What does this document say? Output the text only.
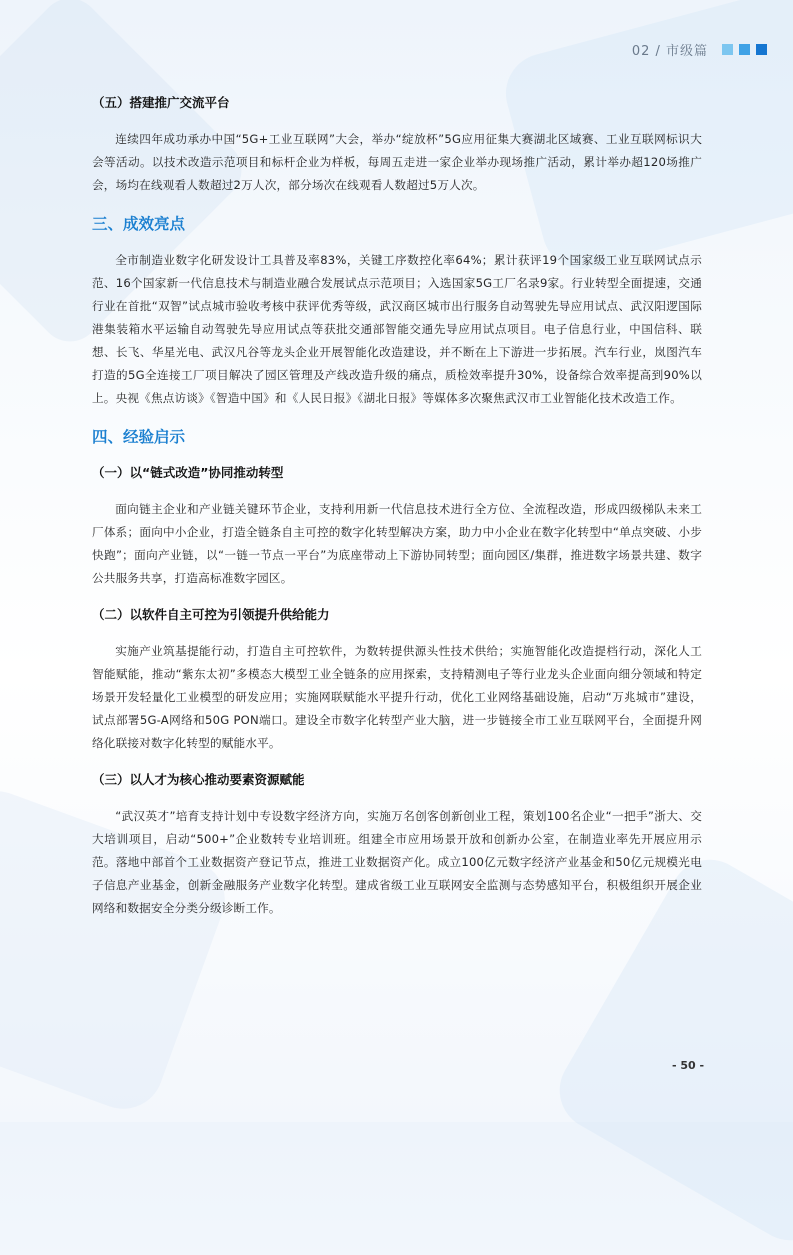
02 / 市级篇
（五）搭建推广交流平台

连续四年成功承办中国“5G+工业互联网”大会，举办“绽放杯”5G应用征集大赛湖北区域赛、工业互联网标识大会等活动。以技术改造示范项目和标杆企业为样板，每周五走进一家企业举办现场推广活动，累计举办超120场推广会，场均在线观看人数超过2万人次，部分场次在线观看人数超过5万人次。

三、成效亮点

全市制造业数字化研发设计工具普及率83%，关键工序数控化率64%；累计获评19个国家级工业互联网试点示范、16个国家新一代信息技术与制造业融合发展试点示范项目；入选国家5G工厂名录9家。行业转型全面提速，交通行业在首批“双智”试点城市验收考核中获评优秀等级，武汉商区城市出行服务自动驾驶先导应用试点、武汉阳逻国际港集装箱水平运输自动驾驶先导应用试点等获批交通部智能交通先导应用试点项目。电子信息行业，中国信科、联想、长飞、华星光电、武汉凡谷等龙头企业开展智能化改造建设，并不断在上下游进一步拓展。汽车行业，岚图汽车打造的5G全连接工厂项目解决了园区管理及产线改造升级的痛点，质检效率提升30%，设备综合效率提高到90%以上。央视《焦点访谈》《智造中国》和《人民日报》《湖北日报》等媒体多次聚焦武汉市工业智能化技术改造工作。

四、经验启示
（一）以“链式改造”协同推动转型

面向链主企业和产业链关键环节企业，支持利用新一代信息技术进行全方位、全流程改造，形成四级梯队未来工厂体系；面向中小企业，打造全链条自主可控的数字化转型解决方案，助力中小企业在数字化转型中“单点突破、小步快跑”；面向产业链，以“一链一节点一平台”为底座带动上下游协同转型；面向园区/集群，推进数字场景共建、数字公共服务共享，打造高标准数字园区。

（二）以软件自主可控为引领提升供给能力

实施产业筑基提能行动，打造自主可控软件，为数转提供源头性技术供给；实施智能化改造提档行动，深化人工智能赋能，推动“紫东太初”多模态大模型工业全链条的应用探索，支持精测电子等行业龙头企业面向细分领域和特定场景开发轻量化工业模型的研发应用；实施网联赋能水平提升行动，优化工业网络基础设施，启动“万兆城市”建设，试点部署5G-A网络和50G PON端口。建设全市数字化转型产业大脑，进一步链接全市工业互联网平台，全面提升网络化联接对数字化转型的赋能水平。

（三）以人才为核心推动要素资源赋能

“武汉英才”培育支持计划中专设数字经济方向，实施万名创客创新创业工程，策划100名企业“一把手”浙大、交大培训项目，启动“500+”企业数转专业培训班。组建全市应用场景开放和创新办公室，在制造业率先开展应用示范。落地中部首个工业数据资产登记节点，推进工业数据资产化。成立100亿元数字经济产业基金和50亿元规模光电子信息产业基金，创新金融服务产业数字化转型。建成省级工业互联网安全监测与态势感知平台，积极组织开展企业网络和数据安全分类分级诊断工作。

- 50 -
